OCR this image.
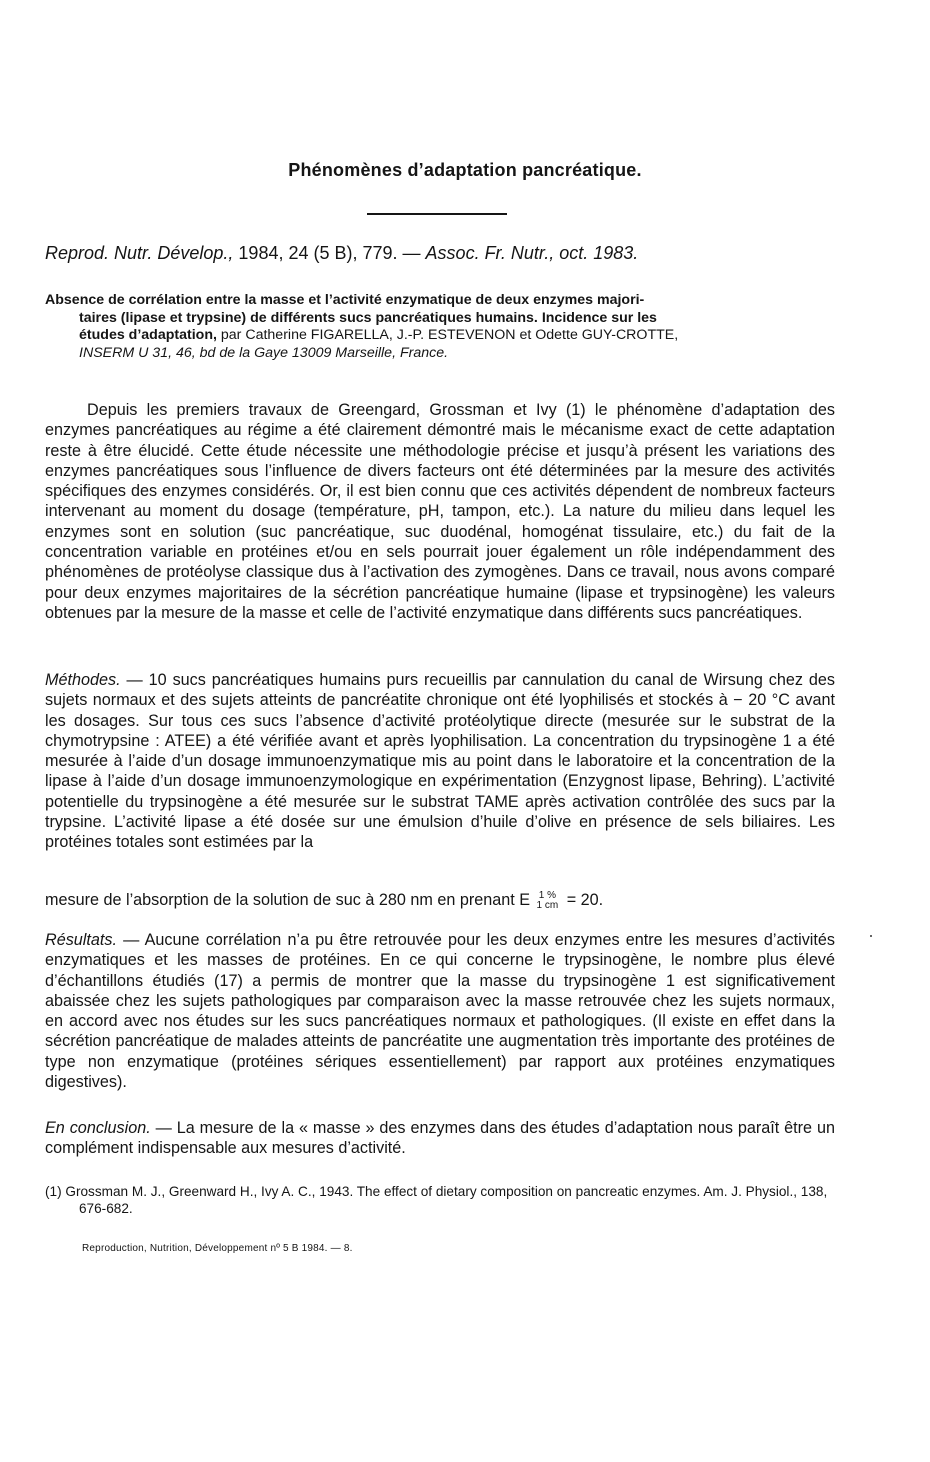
Phénomènes d’adaptation pancréatique.
Reprod. Nutr. Dévelop., 1984, 24 (5 B), 779. — Assoc. Fr. Nutr., oct. 1983.
Absence de corrélation entre la masse et l’activité enzymatique de deux enzymes majori-
taires (lipase et trypsine) de différents sucs pancréatiques humains. Incidence sur les
études d’adaptation, par Catherine FIGARELLA, J.-P. ESTEVENON et Odette GUY-CROTTE,
INSERM U 31, 46, bd de la Gaye 13009 Marseille, France.
Depuis les premiers travaux de Greengard, Grossman et Ivy (1) le phénomène d’adaptation des enzymes pancréatiques au régime a été clairement démontré mais le mécanisme exact de cette adaptation reste à être élucidé. Cette étude nécessite une méthodologie précise et jusqu’à présent les variations des enzymes pancréatiques sous l’influence de divers facteurs ont été déterminées par la mesure des activités spécifiques des enzymes considérés. Or, il est bien connu que ces activités dépendent de nombreux facteurs intervenant au moment du dosage (température, pH, tampon, etc.). La nature du milieu dans lequel les enzymes sont en solution (suc pancréatique, suc duodénal, homogénat tissulaire, etc.) du fait de la concentration variable en protéines et/ou en sels pourrait jouer également un rôle indépendamment des phénomènes de protéolyse classique dus à l’activation des zymogènes. Dans ce travail, nous avons comparé pour deux enzymes majoritaires de la sécrétion pancréatique humaine (lipase et trypsinogène) les valeurs obtenues par la mesure de la masse et celle de l’activité enzymatique dans différents sucs pancréatiques.
Méthodes. — 10 sucs pancréatiques humains purs recueillis par cannulation du canal de Wirsung chez des sujets normaux et des sujets atteints de pancréatite chronique ont été lyophilisés et stockés à − 20 °C avant les dosages. Sur tous ces sucs l’absence d’activité protéolytique directe (mesurée sur le substrat de la chymotrypsine : ATEE) a été vérifiée avant et après lyophilisation. La concentration du trypsinogène 1 a été mesurée à l’aide d’un dosage immunoenzymatique mis au point dans le laboratoire et la concentration de la lipase à l’aide d’un dosage immunoenzymologique en expérimentation (Enzygnost lipase, Behring). L’activité potentielle du trypsinogène a été mesurée sur le substrat TAME après activation contrôlée des sucs par la trypsine. L’activité lipase a été dosée sur une émulsion d’huile d’olive en présence de sels biliaires. Les protéines totales sont estimées par la
mesure de l’absorption de la solution de suc à 280 nm en prenant E 1 %
1 cm = 20.
Résultats. — Aucune corrélation n’a pu être retrouvée pour les deux enzymes entre les mesures d’activités enzymatiques et les masses de protéines. En ce qui concerne le trypsinogène, le nombre plus élevé d’échantillons étudiés (17) a permis de montrer que la masse du trypsinogène 1 est significativement abaissée chez les sujets pathologiques par comparaison avec la masse retrouvée chez les sujets normaux, en accord avec nos études sur les sucs pancréatiques normaux et pathologiques. (Il existe en effet dans la sécrétion pancréatique de malades atteints de pancréatite une augmentation très importante des protéines de type non enzymatique (protéines sériques essentiellement) par rapport aux protéines enzymatiques digestives).
En conclusion. — La mesure de la « masse » des enzymes dans des études d’adaptation nous paraît être un complément indispensable aux mesures d’activité.
(1) Grossman M. J., Greenward H., Ivy A. C., 1943. The effect of dietary composition on pancreatic enzymes. Am. J. Physiol., 138, 676-682.
Reproduction, Nutrition, Développement nº 5 B 1984. — 8.
